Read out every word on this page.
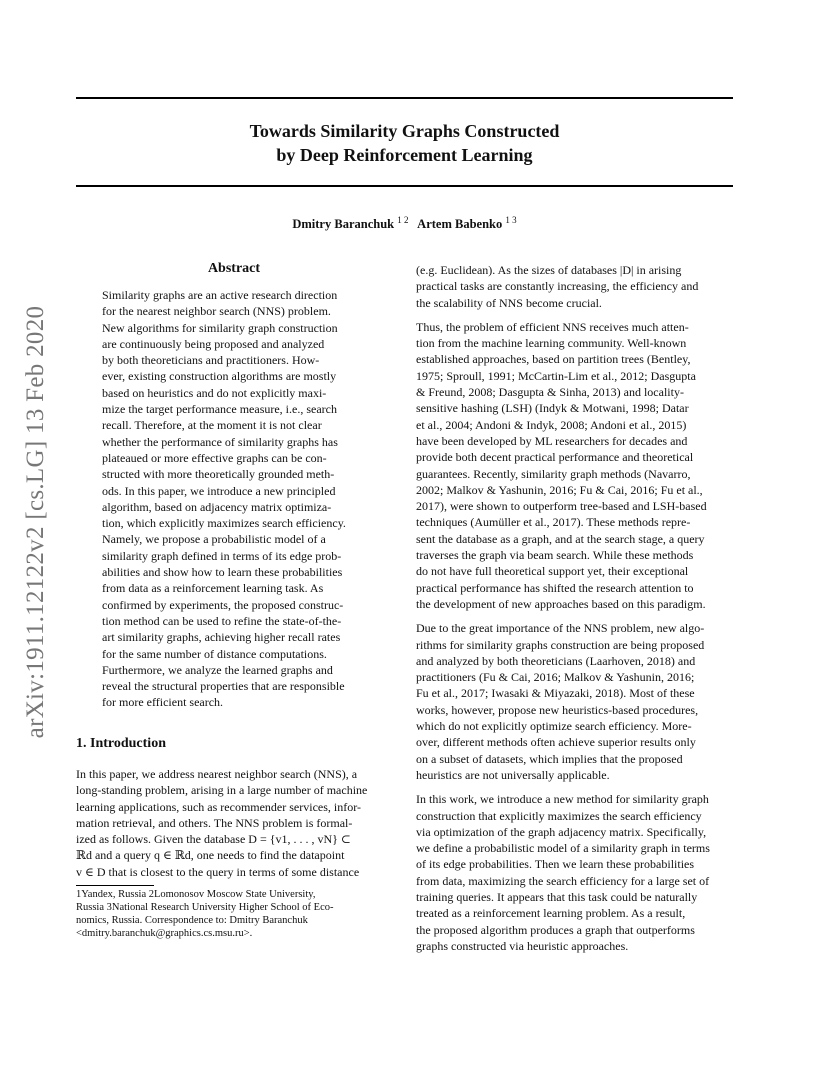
arXiv:1911.12122v2 [cs.LG] 13 Feb 2020
Towards Similarity Graphs Constructed
by Deep Reinforcement Learning
Dmitry Baranchuk $^{1 2}$ Artem Babenko $^{1 3}$
Abstract
Similarity graphs are an active research direction
for the nearest neighbor search (NNS) problem.
New algorithms for similarity graph construction
are continuously being proposed and analyzed
by both theoreticians and practitioners. How-
ever, existing construction algorithms are mostly
based on heuristics and do not explicitly maxi-
mize the target performance measure, i.e., search
recall. Therefore, at the moment it is not clear
whether the performance of similarity graphs has
plateaued or more effective graphs can be con-
structed with more theoretically grounded meth-
ods. In this paper, we introduce a new principled
algorithm, based on adjacency matrix optimiza-
tion, which explicitly maximizes search efficiency.
Namely, we propose a probabilistic model of a
similarity graph defined in terms of its edge prob-
abilities and show how to learn these probabilities
from data as a reinforcement learning task. As
confirmed by experiments, the proposed construc-
tion method can be used to refine the state-of-the-
art similarity graphs, achieving higher recall rates
for the same number of distance computations.
Furthermore, we analyze the learned graphs and
reveal the structural properties that are responsible
for more efficient search.
1. Introduction
In this paper, we address nearest neighbor search (NNS), a
long-standing problem, arising in a large number of machine
learning applications, such as recommender services, infor-
mation retrieval, and others. The NNS problem is formal-
ized as follows. Given the database D = {v1, . . . , vN} ⊂
ℝd and a query q ∈ ℝd, one needs to find the datapoint
v ∈ D that is closest to the query in terms of some distance
1Yandex, Russia 2Lomonosov Moscow State University,
Russia 3National Research University Higher School of Eco-
nomics, Russia. Correspondence to: Dmitry Baranchuk
<dmitry.baranchuk@graphics.cs.msu.ru>.
(e.g. Euclidean). As the sizes of databases |D| in arising
practical tasks are constantly increasing, the efficiency and
the scalability of NNS become crucial.
Thus, the problem of efficient NNS receives much atten-
tion from the machine learning community. Well-known
established approaches, based on partition trees (Bentley,
1975; Sproull, 1991; McCartin-Lim et al., 2012; Dasgupta
& Freund, 2008; Dasgupta & Sinha, 2013) and locality-
sensitive hashing (LSH) (Indyk & Motwani, 1998; Datar
et al., 2004; Andoni & Indyk, 2008; Andoni et al., 2015)
have been developed by ML researchers for decades and
provide both decent practical performance and theoretical
guarantees. Recently, similarity graph methods (Navarro,
2002; Malkov & Yashunin, 2016; Fu & Cai, 2016; Fu et al.,
2017), were shown to outperform tree-based and LSH-based
techniques (Aumüller et al., 2017). These methods repre-
sent the database as a graph, and at the search stage, a query
traverses the graph via beam search. While these methods
do not have full theoretical support yet, their exceptional
practical performance has shifted the research attention to
the development of new approaches based on this paradigm.
Due to the great importance of the NNS problem, new algo-
rithms for similarity graphs construction are being proposed
and analyzed by both theoreticians (Laarhoven, 2018) and
practitioners (Fu & Cai, 2016; Malkov & Yashunin, 2016;
Fu et al., 2017; Iwasaki & Miyazaki, 2018). Most of these
works, however, propose new heuristics-based procedures,
which do not explicitly optimize search efficiency. More-
over, different methods often achieve superior results only
on a subset of datasets, which implies that the proposed
heuristics are not universally applicable.
In this work, we introduce a new method for similarity graph
construction that explicitly maximizes the search efficiency
via optimization of the graph adjacency matrix. Specifically,
we define a probabilistic model of a similarity graph in terms
of its edge probabilities. Then we learn these probabilities
from data, maximizing the search efficiency for a large set of
training queries. It appears that this task could be naturally
treated as a reinforcement learning problem. As a result,
the proposed algorithm produces a graph that outperforms
graphs constructed via heuristic approaches.
